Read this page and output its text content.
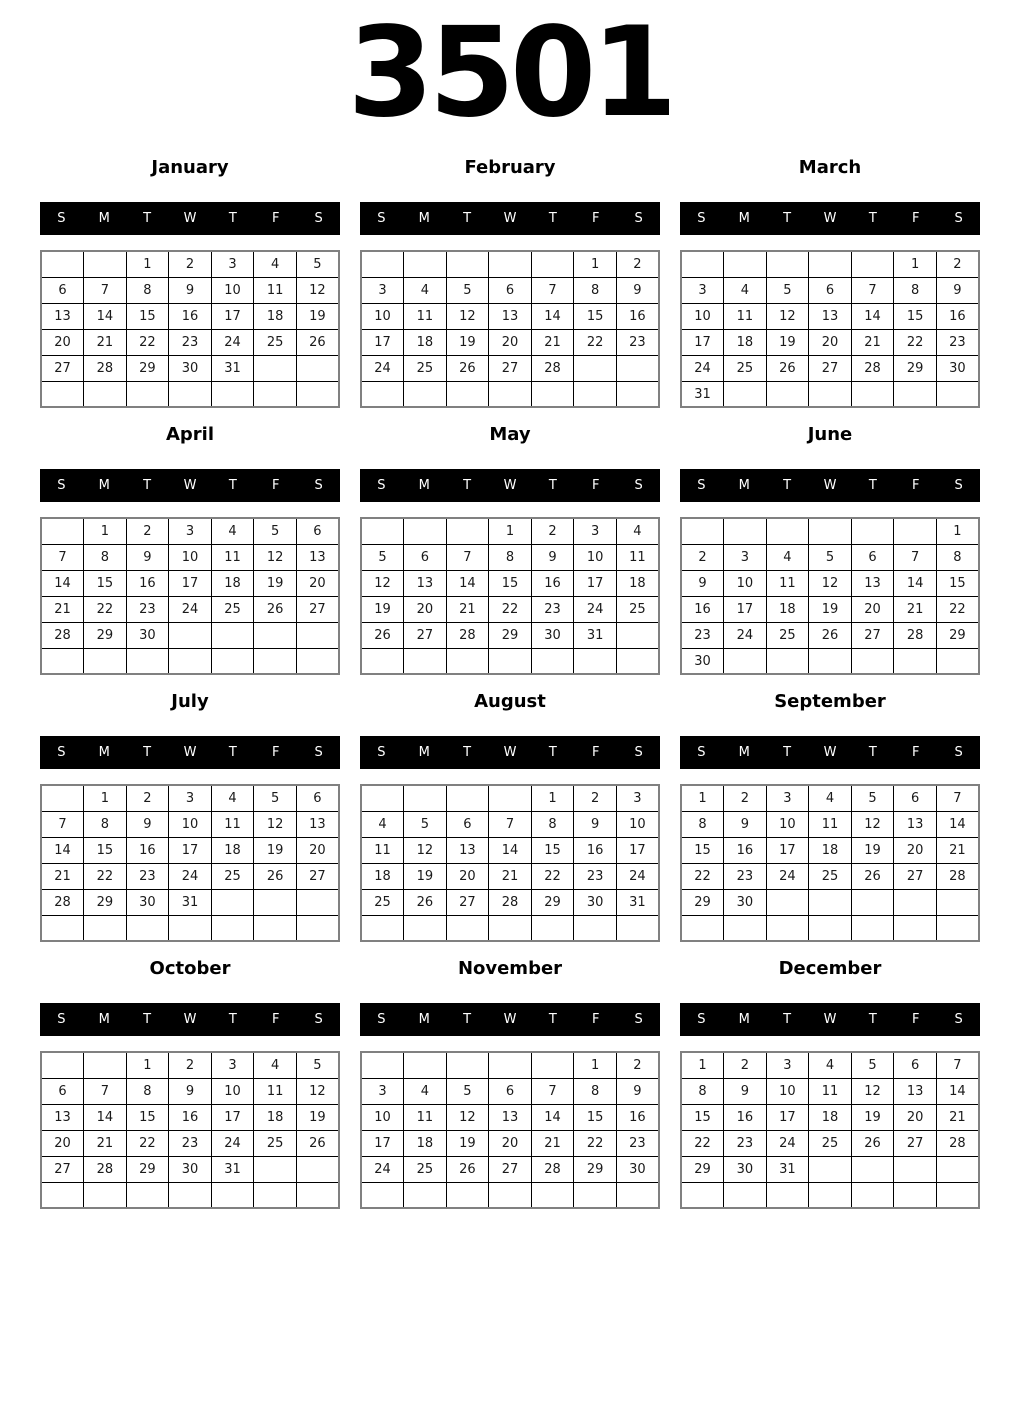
3501
January
S	M	T	W	T	F	S
		1	2	3	4	5
6	7	8	9	10	11	12
13	14	15	16	17	18	19
20	21	22	23	24	25	26
27	28	29	30	31		

February
S	M	T	W	T	F	S
					1	2
3	4	5	6	7	8	9
10	11	12	13	14	15	16
17	18	19	20	21	22	23
24	25	26	27	28		

March
S	M	T	W	T	F	S
					1	2
3	4	5	6	7	8	9
10	11	12	13	14	15	16
17	18	19	20	21	22	23
24	25	26	27	28	29	30
31						
April
S	M	T	W	T	F	S
	1	2	3	4	5	6
7	8	9	10	11	12	13
14	15	16	17	18	19	20
21	22	23	24	25	26	27
28	29	30				

May
S	M	T	W	T	F	S
			1	2	3	4
5	6	7	8	9	10	11
12	13	14	15	16	17	18
19	20	21	22	23	24	25
26	27	28	29	30	31	

June
S	M	T	W	T	F	S
						1
2	3	4	5	6	7	8
9	10	11	12	13	14	15
16	17	18	19	20	21	22
23	24	25	26	27	28	29
30						
July
S	M	T	W	T	F	S
	1	2	3	4	5	6
7	8	9	10	11	12	13
14	15	16	17	18	19	20
21	22	23	24	25	26	27
28	29	30	31			

August
S	M	T	W	T	F	S
				1	2	3
4	5	6	7	8	9	10
11	12	13	14	15	16	17
18	19	20	21	22	23	24
25	26	27	28	29	30	31

September
S	M	T	W	T	F	S
1	2	3	4	5	6	7
8	9	10	11	12	13	14
15	16	17	18	19	20	21
22	23	24	25	26	27	28
29	30					

October
S	M	T	W	T	F	S
		1	2	3	4	5
6	7	8	9	10	11	12
13	14	15	16	17	18	19
20	21	22	23	24	25	26
27	28	29	30	31		

November
S	M	T	W	T	F	S
					1	2
3	4	5	6	7	8	9
10	11	12	13	14	15	16
17	18	19	20	21	22	23
24	25	26	27	28	29	30

December
S	M	T	W	T	F	S
1	2	3	4	5	6	7
8	9	10	11	12	13	14
15	16	17	18	19	20	21
22	23	24	25	26	27	28
29	30	31				
